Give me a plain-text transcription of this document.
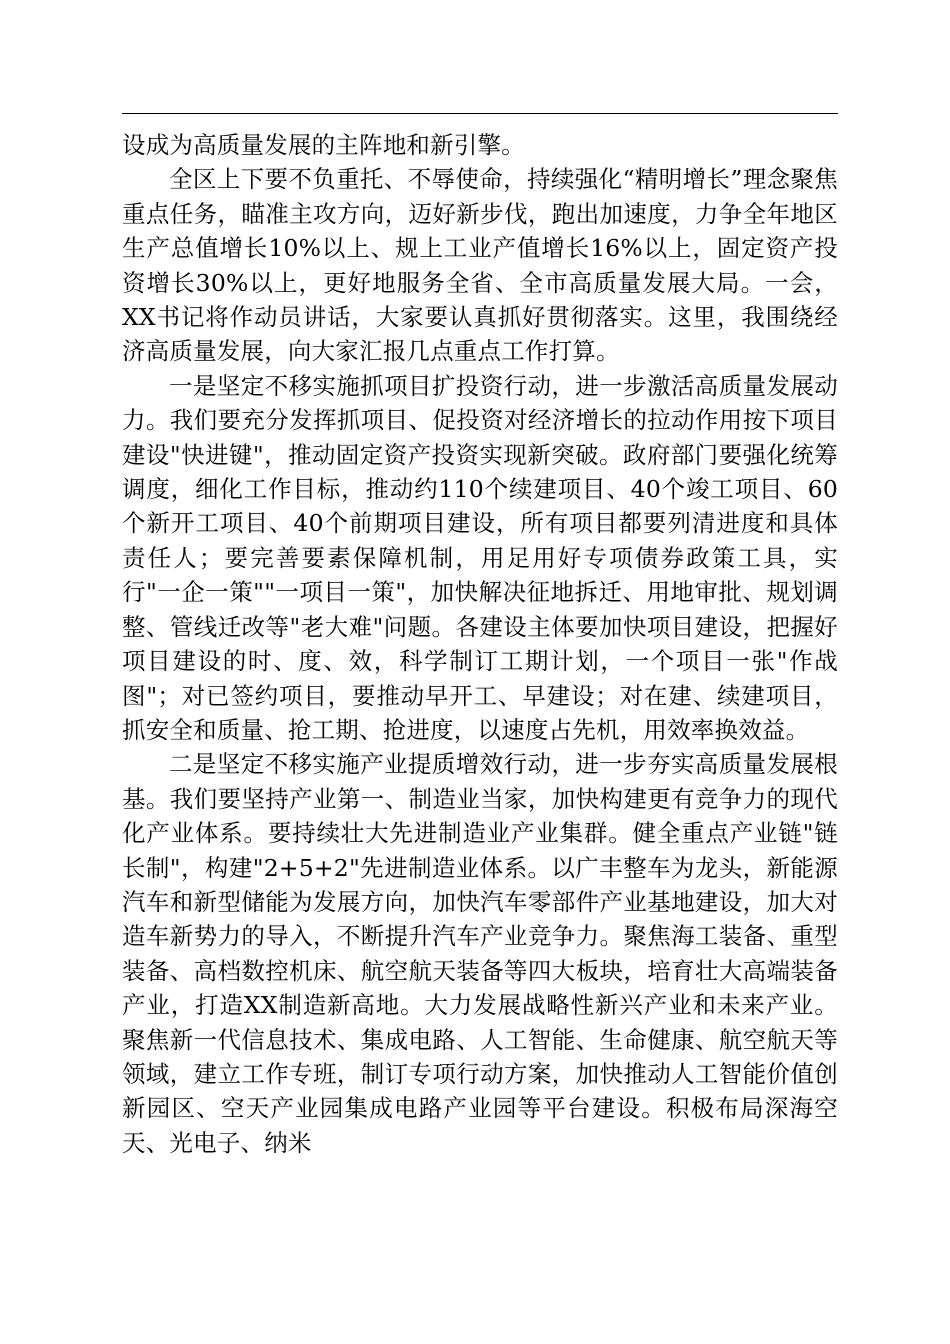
设成为高质量发展的主阵地和新引擎。

全区上下要不负重托、不辱使命，持续强化“精明增长”理念聚焦重点任务，瞄准主攻方向，迈好新步伐，跑出加速度，力争全年地区生产总值增长10%以上、规上工业产值增长16%以上，固定资产投资增长30%以上，更好地服务全省、全市高质量发展大局。一会，XX书记将作动员讲话，大家要认真抓好贯彻落实。这里，我围绕经济高质量发展，向大家汇报几点重点工作打算。

一是坚定不移实施抓项目扩投资行动，进一步激活高质量发展动力。我们要充分发挥抓项目、促投资对经济增长的拉动作用按下项目建设"快进键"，推动固定资产投资实现新突破。政府部门要强化统筹调度，细化工作目标，推动约110个续建项目、40个竣工项目、60个新开工项目、40个前期项目建设，所有项目都要列清进度和具体责任人；要完善要素保障机制，用足用好专项债券政策工具，实行"一企一策""一项目一策"，加快解决征地拆迁、用地审批、规划调整、管线迁改等"老大难"问题。各建设主体要加快项目建设，把握好项目建设的时、度、效，科学制订工期计划，一个项目一张"作战图"；对已签约项目，要推动早开工、早建设；对在建、续建项目，抓安全和质量、抢工期、抢进度，以速度占先机，用效率换效益。

二是坚定不移实施产业提质增效行动，进一步夯实高质量发展根基。我们要坚持产业第一、制造业当家，加快构建更有竞争力的现代化产业体系。要持续壮大先进制造业产业集群。健全重点产业链"链长制"，构建"2+5+2"先进制造业体系。以广丰整车为龙头，新能源汽车和新型储能为发展方向，加快汽车零部件产业基地建设，加大对造车新势力的导入，不断提升汽车产业竞争力。聚焦海工装备、重型装备、高档数控机床、航空航天装备等四大板块，培育壮大高端装备产业，打造XX制造新高地。大力发展战略性新兴产业和未来产业。聚焦新一代信息技术、集成电路、人工智能、生命健康、航空航天等领域，建立工作专班，制订专项行动方案，加快推动人工智能价值创新园区、空天产业园集成电路产业园等平台建设。积极布局深海空天、光电子、纳米
